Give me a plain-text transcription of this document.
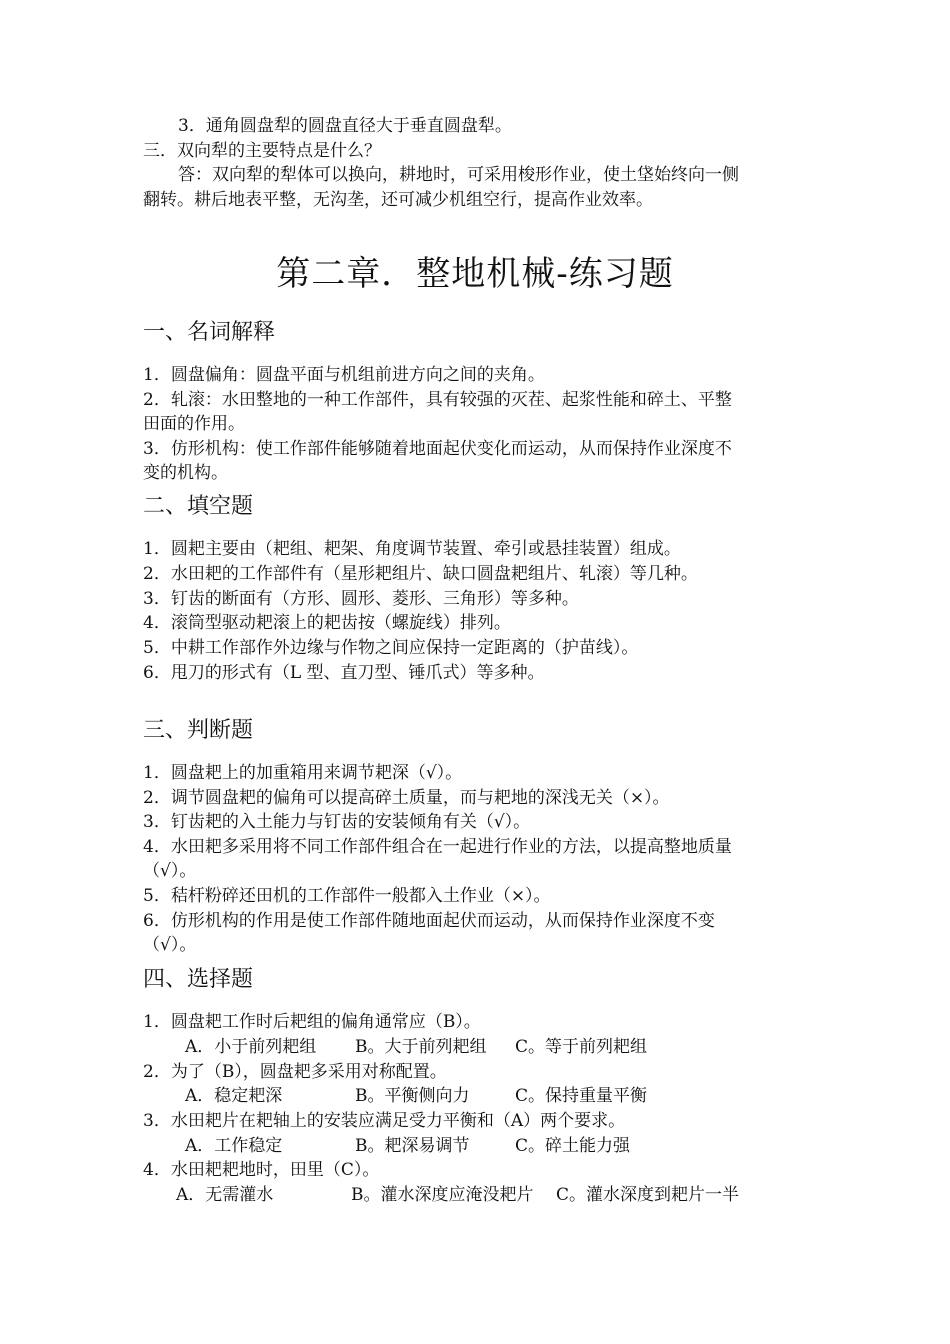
3．通角圆盘犁的圆盘直径大于垂直圆盘犁。
三．双向犁的主要特点是什么？
答：双向犁的犁体可以换向，耕地时，可采用梭形作业，使土垡始终向一侧
翻转。耕后地表平整，无沟垄，还可减少机组空行，提高作业效率。
第二章．整地机械-练习题
一、名词解释
1．圆盘偏角：圆盘平面与机组前进方向之间的夹角。
2．轧滚：水田整地的一种工作部件，具有较强的灭茬、起浆性能和碎土、平整
田面的作用。
3．仿形机构：使工作部件能够随着地面起伏变化而运动，从而保持作业深度不
变的机构。
二、填空题
1．圆耙主要由（耙组、耙架、角度调节装置、牵引或悬挂装置）组成。
2．水田耙的工作部件有（星形耙组片、缺口圆盘耙组片、轧滚）等几种。
3．钉齿的断面有（方形、圆形、菱形、三角形）等多种。
4．滚筒型驱动耙滚上的耙齿按（螺旋线）排列。
5．中耕工作部作外边缘与作物之间应保持一定距离的（护苗线）。
6．甩刀的形式有（L 型、直刀型、锤爪式）等多种。
三、判断题
1．圆盘耙上的加重箱用来调节耙深（√）。
2．调节圆盘耙的偏角可以提高碎土质量，而与耙地的深浅无关（×）。
3．钉齿耙的入土能力与钉齿的安装倾角有关（√）。
4．水田耙多采用将不同工作部件组合在一起进行作业的方法，以提高整地质量
（√）。
5．秸杆粉碎还田机的工作部件一般都入土作业（×）。
6．仿形机构的作用是使工作部件随地面起伏而运动，从而保持作业深度不变
（√）。
四、选择题
1．圆盘耙工作时后耙组的偏角通常应（B）。
A．小于前列耙组 B。大于前列耙组 C。等于前列耙组
2．为了（B），圆盘耙多采用对称配置。
A．稳定耙深	B。平衡侧向力	C。保持重量平衡
3．水田耙片在耙轴上的安装应满足受力平衡和（A）两个要求。
A．工作稳定	B。耙深易调节	C。碎土能力强
4．水田耙耙地时，田里（C）。
A．无需灌水	B。灌水深度应淹没耙片 C。灌水深度到耙片一半
